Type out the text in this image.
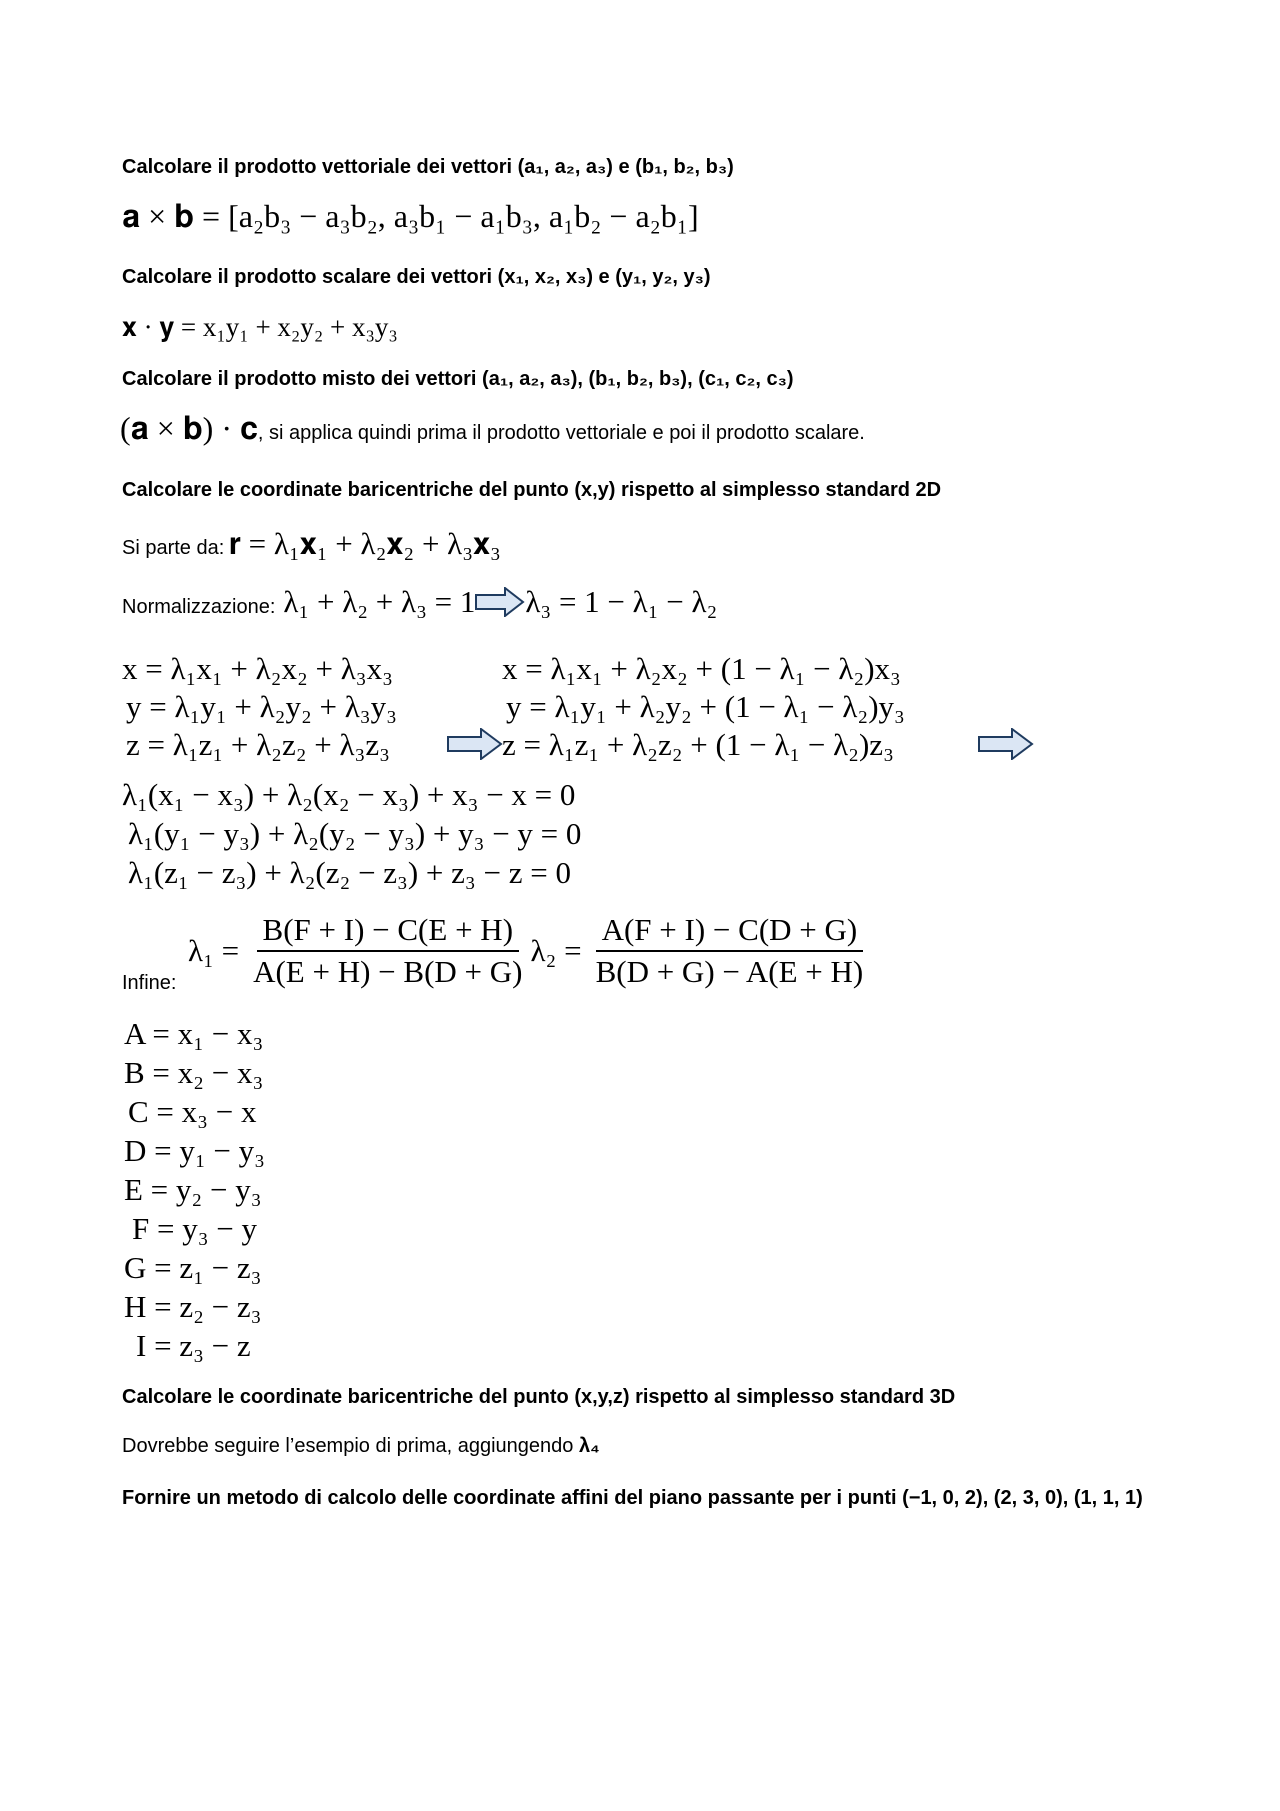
Calcolare il prodotto vettoriale dei vettori (a₁, a₂, a₃) e (b₁, b₂, b₃)
𝐚 × 𝐛 = [a₂b₃ − a₃b₂, a₃b₁ − a₁b₃, a₁b₂ − a₂b₁]
Calcolare il prodotto scalare dei vettori (x₁, x₂, x₃) e (y₁, y₂, y₃)
𝐱 · 𝐲 = x₁y₁ + x₂y₂ + x₃y₃
Calcolare il prodotto misto dei vettori (a₁, a₂, a₃), (b₁, b₂, b₃), (c₁, c₂, c₃)
(𝐚 × 𝐛) · 𝐜, si applica quindi prima il prodotto vettoriale e poi il prodotto scalare.
Calcolare le coordinate baricentriche del punto (x,y) rispetto al simplesso standard 2D
Si parte da: 𝐫 = λ₁𝐱₁ + λ₂𝐱₂ + λ₃𝐱₃
Normalizzazione: λ₁ + λ₂ + λ₃ = 1 λ₃ = 1 − λ₁ − λ₂
x = λ₁x₁ + λ₂x₂ + λ₃x₃
y = λ₁y₁ + λ₂y₂ + λ₃y₃
z = λ₁z₁ + λ₂z₂ + λ₃z₃
x = λ₁x₁ + λ₂x₂ + (1 − λ₁ − λ₂)x₃
y = λ₁y₁ + λ₂y₂ + (1 − λ₁ − λ₂)y₃
z = λ₁z₁ + λ₂z₂ + (1 − λ₁ − λ₂)z₃
λ₁(x₁ − x₃) + λ₂(x₂ − x₃) + x₃ − x = 0
λ₁(y₁ − y₃) + λ₂(y₂ − y₃) + y₃ − y = 0
λ₁(z₁ − z₃) + λ₂(z₂ − z₃) + z₃ − z = 0
Infine:
$\lambda_1 = \frac{B(F + I) - C(E + H)}{A(E + H) - B(D + G)} \lambda_2 = \frac{A(F + I) - C(D + G)}{B(D + G) - A(E + H)}$
A = x₁ − x₃
B = x₂ − x₃
C = x₃ − x
D = y₁ − y₃
E = y₂ − y₃
F = y₃ − y
G = z₁ − z₃
H = z₂ − z₃
I = z₃ − z
Calcolare le coordinate baricentriche del punto (x,y,z) rispetto al simplesso standard 3D
Dovrebbe seguire l’esempio di prima, aggiungendo λ₄
Fornire un metodo di calcolo delle coordinate affini del piano passante per i punti (−1, 0, 2), (2, 3, 0), (1, 1, 1)
